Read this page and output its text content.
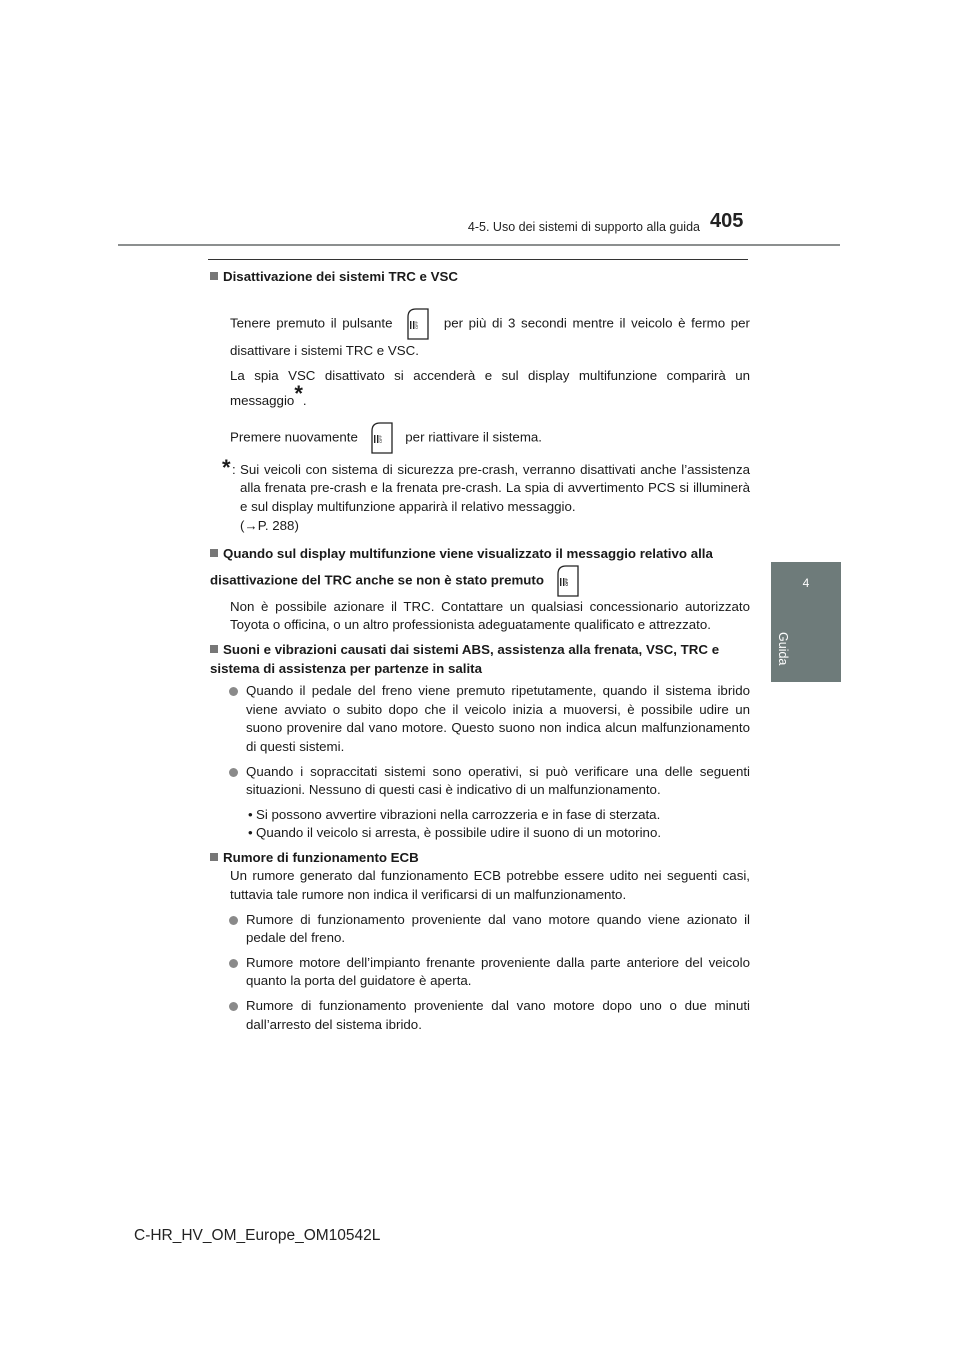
4-5. Uso dei sistemi di supporto alla guida 405
4
Guida

Disattivazione dei sistemi TRC e VSC

Tenere premuto il pulsante	OFF per più di 3 secondi mentre il veicolo è fermo per disattivare i sistemi TRC e VSC.

La spia VSC disattivato si accenderà e sul display multifunzione comparirà un messaggio*.

Premere nuovamente	OFF per riattivare il sistema.

* : Sui veicoli con sistema di sicurezza pre-crash, verranno disattivati anche l’assistenza alla frenata pre-crash e la frenata pre-crash. La spia di avvertimento PCS si illuminerà e sul display multifunzione apparirà il relativo messaggio.
(→P. 288)

Quando sul display multifunzione viene visualizzato il messaggio relativo alla disattivazione del TRC anche se non è stato premuto	OFF

Non è possibile azionare il TRC. Contattare un qualsiasi concessionario autorizzato Toyota o officina, o un altro professionista adeguatamente qualificato e attrezzato.

Suoni e vibrazioni causati dai sistemi ABS, assistenza alla frenata, VSC, TRC e sistema di assistenza per partenze in salita

Quando il pedale del freno viene premuto ripetutamente, quando il sistema ibrido viene avviato o subito dopo che il veicolo inizia a muoversi, è possibile udire un suono provenire dal vano motore. Questo suono non indica alcun malfunzionamento di questi sistemi.
Quando i sopraccitati sistemi sono operativi, si può verificare una delle seguenti situazioni. Nessuno di questi casi è indicativo di un malfunzionamento.
• Si possono avvertire vibrazioni nella carrozzeria e in fase di sterzata.
• Quando il veicolo si arresta, è possibile udire il suono di un motorino.

Rumore di funzionamento ECB

Un rumore generato dal funzionamento ECB potrebbe essere udito nei seguenti casi, tuttavia tale rumore non indica il verificarsi di un malfunzionamento.

Rumore di funzionamento proveniente dal vano motore quando viene azionato il pedale del freno.
Rumore motore dell’impianto frenante proveniente dalla parte anteriore del veicolo quanto la porta del guidatore è aperta.
Rumore di funzionamento proveniente dal vano motore dopo uno o due minuti dall’arresto del sistema ibrido.
C-HR_HV_OM_Europe_OM10542L
